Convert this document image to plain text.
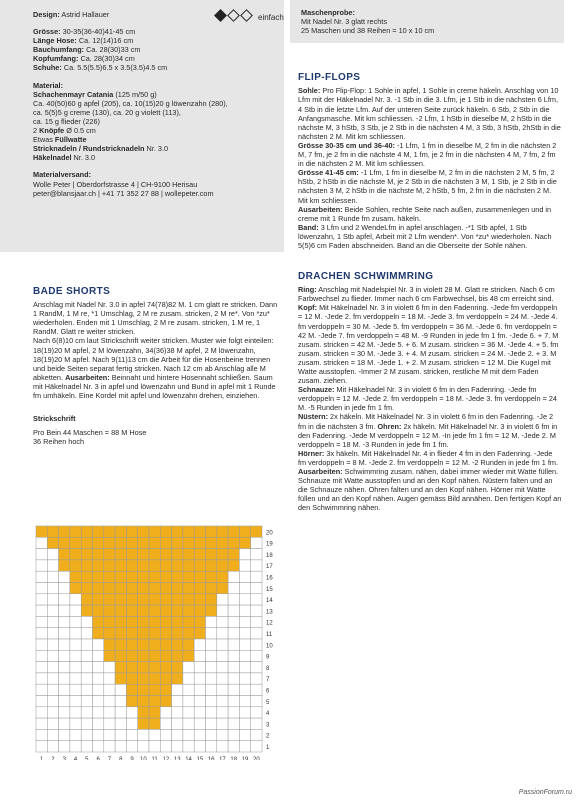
einfach

Design: Astrid Hallauer

Grösse: 30-35(36-40)41-45 cm

Länge Hose: Ca. 12(14)16 cm

Bauchumfang: Ca. 28(30)33 cm

Kopfumfang: Ca. 28(30)34 cm

Schuhe: Ca. 5.5(5.5)6.5 x 3.5(3.5)4.5 cm

Material:

Schachenmayr Catania (125 m/50 g)

Ca. 40(50)60 g apfel (205), ca. 10(15)20 g löwenzahn (280),

ca. 5(5)5 g creme (130), ca. 20 g violett (113),

ca. 15 g flieder (226)

2 Knöpfe Ø 0.5 cm

Etwas Füllwatte

Stricknadeln / Rundstricknadeln Nr. 3.0

Häkelnadel Nr. 3.0

Materialversand:

Wolle Peter | Oberdorfstrasse 4 | CH-9100 Herisau

peter@blansjaar.ch | +41 71 352 27 88 | wollepeter.com

BADE SHORTS
Anschlag mit Nadel Nr. 3.0 in apfel 74(78)82 M. 1 cm glatt re stricken. Dann 1 RandM, 1 M re, *1 Umschlag, 2 M re zusam. stricken, 2 M re*. Von *zu* wiederholen. Enden mit 1 Umschlag, 2 M re zusam. stricken, 1 M re, 1 RandM. Glatt re weiter stricken.
Nach 6(8)10 cm laut Strickschrift weiter stricken. Muster wie folgt einteilen: 18(19)20 M apfel, 2 M löwenzahn, 34(36)38 M apfel, 2 M löwenzahn, 18(19)20 M apfel. Nach 9(11)13 cm die Arbeit für die Hosenbeine trennen und beide Seiten separat fertig stricken. Nach 12 cm ab Anschlag alle M abketten. Ausarbeiten: Beinnaht und hintere Hosennaht schließen. Saum mit Häkelnadel Nr. 3 in apfel und löwenzahn und Bund in apfel mit 1 Runde fm umhäkeln. Eine Kordel mit apfel und löwenzahn drehen, einziehen.
Strickschrift
Pro Bein 44 Maschen = 88 M Hose
36 Reihen hoch
20
19
18
17
16
15
14
13
12
11
10
9
8
7
6
5
4
3
2
1
1 2 3 4 5 6 7 8 9 10 11 12 13 14 15 16 17 18 19 20

Maschenprobe:

Mit Nadel Nr. 3 glatt rechts

25 Maschen und 38 Reihen = 10 x 10 cm

FLIP-FLOPS

Sohle: Pro Flip-Flop: 1 Sohle in apfel, 1 Sohle in creme häkeln. Anschlag von 10 Lfm mit der Häkelnadel Nr. 3. -1 Stb in die 3. Lfm, je 1 Stb in die nächsten 6 Lfm, 4 Stb in die letzte Lfm. Auf der unteren Seite zurück häkeln. 6 Stb, 2 Stb in die Anfangsmasche. Mit km schliessen. -2 Lfm, 1 hStb in dieselbe M, 2 hStb in die nächste M, 3 hStb, 3 Stb, je 2 Stb in die nächsten 4 M, 3 Stb, 3 hStb, 2hStb in die nächsten 2 M. Mit km schliessen.

Grösse 30-35 cm und 36-40: -1 Lfm, 1 fm in dieselbe M, 2 fm in die nächsten 2 M, 7 fm, je 2 fm in die nächste 4 M, 1 fm, je 2 fm in die nächsten 4 M, 7 fm, 2 fm in die nächsten 2 M. Mit km schliessen.

Grösse 41-45 cm: -1 Lfm, 1 fm in dieselbe M, 2 fm in die nächsten 2 M, 5 fm, 2 hStb, 2 hStb in die nächste M, je 2 Stb in die nächsten 3 M, 1 Stb, je 2 Stb in die nächsten 3 M, 2 hStb in die nächste M, 2 hStb, 5 fm, 2 fm in die nächsten 2 M. Mit km schliessen.

Ausarbeiten: Beide Sohlen, rechte Seite nach außen, zusammenlegen und in creme mit 1 Runde fm zusam. häkeln.

Band: 3 Lfm und 2 WendeLfm in apfel anschlagen. -*1 Stb apfel, 1 Stb löwenzahn, 1 Stb apfel, Arbeit mit 2 Lfm wenden*. Von *zu* wiederholen. Nach 5(5)6 cm Faden abschneiden. Band an die Oberseite der Sohle nähen.

DRACHEN SCHWIMMRING

Ring: Anschlag mit Nadelspiel Nr. 3 in violett 28 M. Glatt re stricken. Nach 6 cm Farbwechsel zu flieder. Immer nach 6 cm Farbwechsel, bis 48 cm erreicht sind.

Kopf: Mit Häkelnadel Nr. 3 in violett 6 fm in den Fadenring. -Jede fm verdoppeln = 12 M. -Jede 2. fm verdoppeln = 18 M. -Jede 3. fm verdoppeln = 24 M. -Jede 4. fm verdoppeln = 30 M. -Jede 5. fm verdoppeln = 36 M. -Jede 6. fm verdoppeln = 42 M. -Jede 7. fm verdoppeln = 48 M. -9 Runden in jede fm 1 fm. -Jede 6. + 7. M zusam. stricken = 42 M. -Jede 5. + 6. M zusam. stricken = 36 M. -Jede 4. + 5. fm zusam. stricken = 30 M. -Jede 3. + 4. M zusam. stricken = 24 M. -Jede 2. + 3. M zusam. stricken = 18 M. -Jede 1. + 2. M zusam. stricken = 12 M. Die Kugel mit Watte ausstopfen. -Immer 2 M zusam. stricken, restliche M mit dem Faden zusam. ziehen.

Schnauze: Mit Häkelnadel Nr. 3 in violett 6 fm in den Fadenring. -Jede fm verdoppeln = 12 M. -Jede 2. fm verdoppeln = 18 M. -Jede 3. fm verdoppeln = 24 M. -5 Runden in jede fm 1 fm.

Nüstern: 2x häkeln. Mit Häkelnadel Nr. 3 in violett 6 fm in den Fadenring. -Je 2 fm in die nächsten 3 fm. Ohren: 2x häkeln. Mit Häkelnadel Nr. 3 in violett 6 fm in den Fadenring. -Jede M verdoppeln = 12 M. -In jede fm 1 fm = 12 M. -Jede 2. M verdoppeln = 18 M. -3 Runden in jede fm 1 fm.

Hörner: 3x häkeln. Mit Häkelnadel Nr. 4 in flieder 4 fm in den Fadenring. -Jede fm verdoppeln = 8 M. -Jede 2. fm verdoppeln = 12 M. -2 Runden in jede fm 1 fm.

Ausarbeiten: Schwimmring zusam. nähen, dabei immer wieder mit Watte füllen. Schnauze mit Watte ausstopfen und an den Kopf nähen. Nüstern falten und an die Schnauze nähen. Ohren falten und an den Kopf nähen. Hörner mit Watte füllen und an den Kopf nähen. Augen gemäss Bild annähen. Den fertigen Kopf an den Schwimmring nähen.

PassionForum.ru
